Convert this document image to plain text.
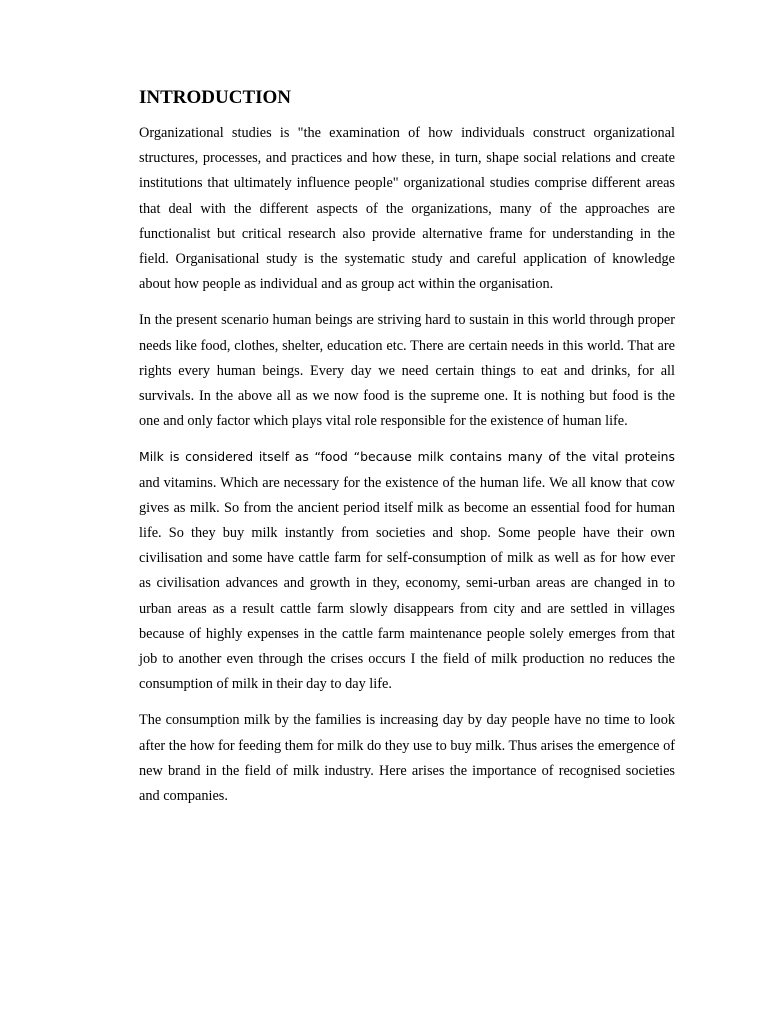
INTRODUCTION

Organizational studies is "the examination of how individuals construct organizational structures, processes, and practices and how these, in turn, shape social relations and create institutions that ultimately influence people" organizational studies comprise different areas that deal with the different aspects of the organizations, many of the approaches are functionalist but critical research also provide alternative frame for understanding in the field. Organisational study is the systematic study and careful application of knowledge about how people as individual and as group act within the organisation.

In the present scenario human beings are striving hard to sustain in this world through proper needs like food, clothes, shelter, education etc. There are certain needs in this world. That are rights every human beings. Every day we need certain things to eat and drinks, for all survivals. In the above all as we now food is the supreme one. It is nothing but food is the one and only factor which plays vital role responsible for the existence of human life.

Milk is considered itself as “food “because milk contains many of the vital proteins and vitamins. Which are necessary for the existence of the human life. We all know that cow gives as milk. So from the ancient period itself milk as become an essential food for human life. So they buy milk instantly from societies and shop. Some people have their own civilisation and some have cattle farm for self-consumption of milk as well as for how ever as civilisation advances and growth in they, economy, semi-urban areas are changed in to urban areas as a result cattle farm slowly disappears from city and are settled in villages because of highly expenses in the cattle farm maintenance people solely emerges from that job to another even through the crises occurs I the field of milk production no reduces the consumption of milk in their day to day life.

The consumption milk by the families is increasing day by day people have no time to look after the how for feeding them for milk do they use to buy milk. Thus arises the emergence of new brand in the field of milk industry. Here arises the importance of recognised societies and companies.
